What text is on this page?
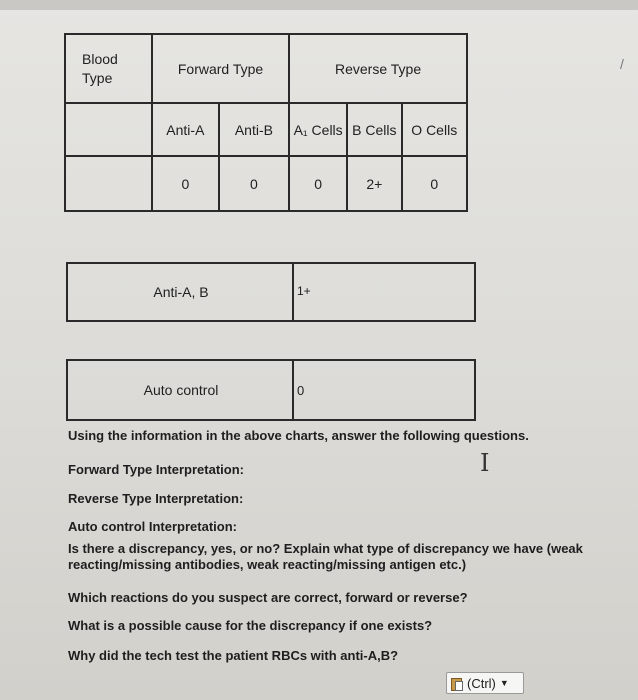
Blood
Type	Forward Type		Reverse Type		
	Anti-A	Anti-B	A₁ Cells	B Cells	O Cells
	0	0	0	2+	0
Anti-A, B	1+
Auto control	0

Using the information in the above charts, answer the following questions.

Forward Type Interpretation:

Reverse Type Interpretation:

Auto control Interpretation:

Is there a discrepancy, yes, or no? Explain what type of discrepancy we have (weak reacting/missing antibodies, weak reacting/missing antigen etc.)

Which reactions do you suspect are correct, forward or reverse?

What is a possible cause for the discrepancy if one exists?

Why did the tech test the patient RBCs with anti-A,B?

I
/
(Ctrl) ▼
